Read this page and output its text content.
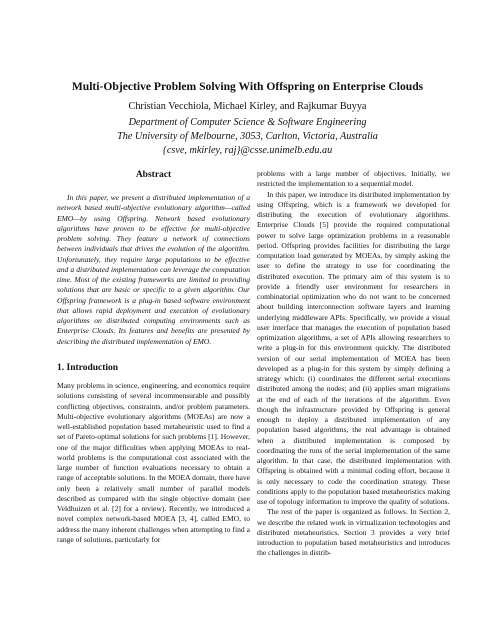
Multi-Objective Problem Solving With Offspring on Enterprise Clouds
Christian Vecchiola, Michael Kirley, and Rajkumar Buyya
Department of Computer Science & Software Engineering
The University of Melbourne, 3053, Carlton, Victoria, Australia
{csve, mkirley, raj}@csse.unimelb.edu.au
Abstract

In this paper, we present a distributed implementation of a network based multi-objective evolutionary algorithm—called EMO—by using Offspring. Network based evolutionary algorithms have proven to be effective for multi-objective problem solving. They feature a network of connections between individuals that drives the evolution of the algorithm. Unfortunately, they require large populations to be effective and a distributed implementation can leverage the computation time. Most of the existing frameworks are limited to providing solutions that are basic or specific to a given algorithm. Our Offspring framework is a plug-in based software environment that allows rapid deployment and execution of evolutionary algorithms on distributed computing environments such as Enterprise Clouds. Its features and benefits are presented by describing the distributed implementation of EMO.

1. Introduction

Many problems in science, engineering, and economics require solutions consisting of several incommensurable and possibly conflicting objectives, constraints, and/or problem parameters. Multi-objective evolutionary algorithms (MOEAs) are now a well-established population based metaheuristic used to find a set of Pareto-optimal solutions for such problems [1]. However, one of the major difficulties when applying MOEAs to real-world problems is the computational cost associated with the large number of function evaluations necessary to obtain a range of acceptable solutions. In the MOEA domain, there have only been a relatively small number of parallel models described as compared with the single objective domain (see Veldhuizen et al. [2] for a review). Recently, we introduced a novel complex network-based MOEA [3, 4], called EMO, to address the many inherent challenges when attempting to find a range of solutions, particularly for

problems with a large number of objectives. Initially, we restricted the implementation to a sequential model.

In this paper, we introduce its distributed implementation by using Offspring, which is a framework we developed for distributing the execution of evolutionary algorithms. Enterprise Clouds [5] provide the required computational power to solve large optimization problems in a reasonable period. Offspring provides facilities for distributing the large computation load generated by MOEAs, by simply asking the user to define the strategy to use for coordinating the distributed execution. The primary aim of this system is to provide a friendly user environment for researchers in combinatorial optimization who do not want to be concerned about building interconnection software layers and learning underlying middleware APIs. Specifically, we provide a visual user interface that manages the execution of population based optimization algorithms, a set of APIs allowing researchers to write a plug-in for this environment quickly. The distributed version of our serial implementation of MOEA has been developed as a plug-in for this system by simply defining a strategy which: (i) coordinates the different serial executions distributed among the nodes; and (ii) applies smart migrations at the end of each of the iterations of the algorithm. Even though the infrastructure provided by Offspring is general enough to deploy a distributed implementation of any population based algorithms, the real advantage is obtained when a distributed implementation is composed by coordinating the runs of the serial implementation of the same algorithm. In that case, the distributed implementation with Offspring is obtained with a minimal coding effort, because it is only necessary to code the coordination strategy. These conditions apply to the population based metaheuristics making use of topology information to improve the quality of solutions.

The rest of the paper is organized as follows. In Section 2, we describe the related work in virtualization technologies and distributed metaheuristics. Section 3 provides a very brief introduction to population based metaheuristics and introduces the challenges in distrib-
